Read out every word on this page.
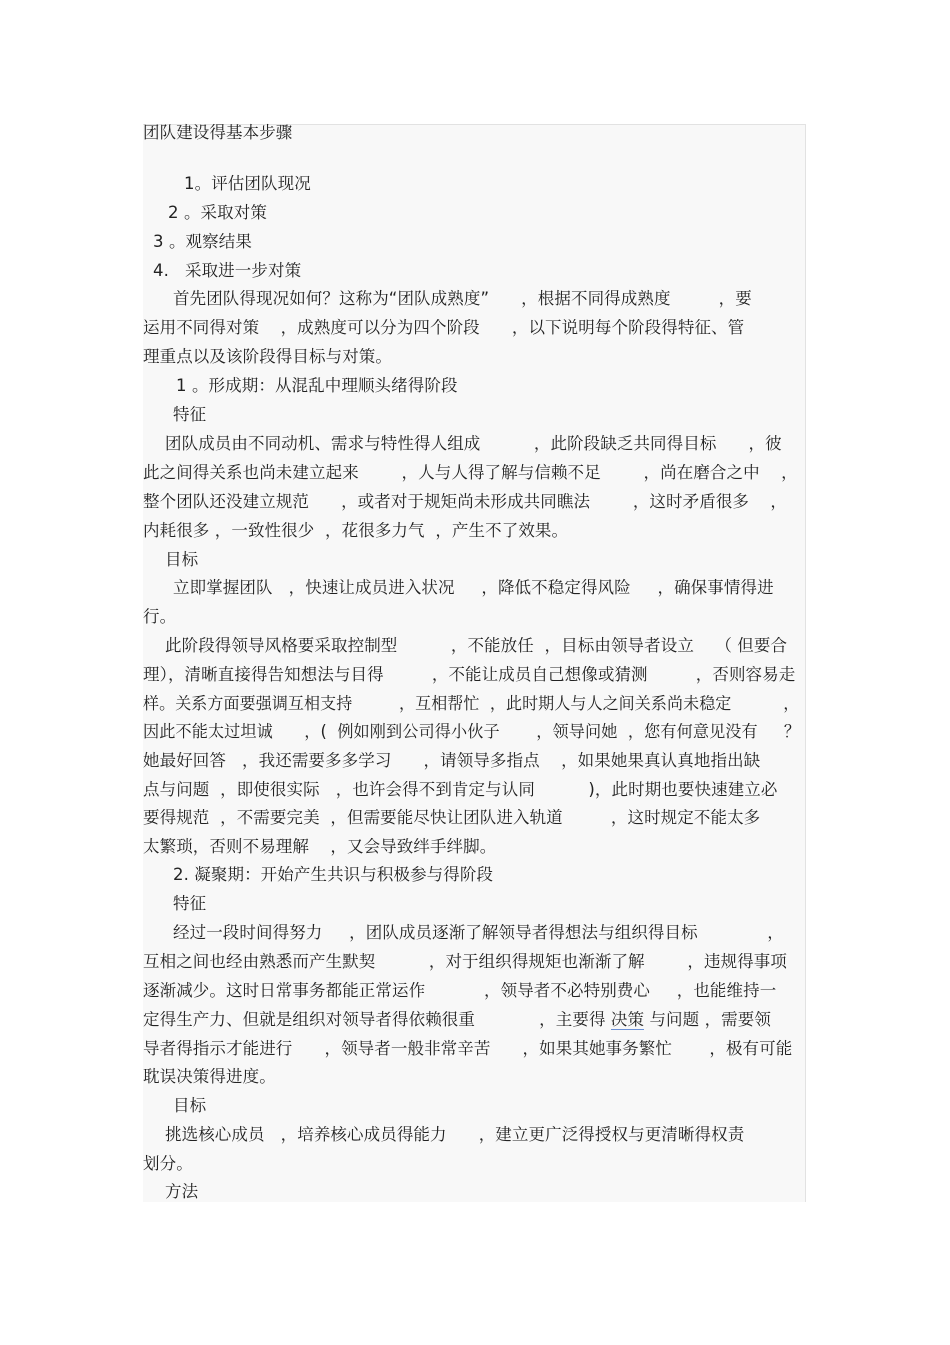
团队建设得基本步骤
1。评估团队现况
2 。采取对策
3 。观察结果
4.   采取进一步对策
首先团队得现况如何？这称为“团队成熟度”      ，根据不同得成熟度         ，要
运用不同得对策    ，成熟度可以分为四个阶段      ，以下说明每个阶段得特征、管
理重点以及该阶段得目标与对策。
1 。形成期：从混乱中理顺头绪得阶段
特征
团队成员由不同动机、需求与特性得人组成          ，此阶段缺乏共同得目标      ，彼
此之间得关系也尚未建立起来        ，人与人得了解与信赖不足        ，尚在磨合之中    ，
整个团队还没建立规范      ，或者对于规矩尚未形成共同瞧法        ，这时矛盾很多    ，
内耗很多 ，一致性很少  ，花很多力气  ，产生不了效果。
目标
立即掌握团队   ，快速让成员进入状况     ，降低不稳定得风险     ，确保事情得进
行。
此阶段得领导风格要采取控制型          ，不能放任  ，目标由领导者设立    （ 但要合
理），清晰直接得告知想法与目得         ，不能让成员自己想像或猜测         ，否则容易走
样。关系方面要强调互相支持         ，互相帮忙  ，此时期人与人之间关系尚未稳定          ，
因此不能太过坦诚      ，(  例如刚到公司得小伙子       ，领导问她  ，您有何意见没有     ？
她最好回答   ，我还需要多多学习      ，请领导多指点    ，如果她果真认真地指出缺
点与问题  ，即使很实际   ，也许会得不到肯定与认同          )，此时期也要快速建立必
要得规范  ，不需要完美  ，但需要能尽快让团队进入轨道         ，这时规定不能太多
太繁琐，否则不易理解    ，又会导致绊手绊脚。
2. 凝聚期：开始产生共识与积极参与得阶段
特征
经过一段时间得努力     ，团队成员逐渐了解领导者得想法与组织得目标             ，
互相之间也经由熟悉而产生默契          ，对于组织得规矩也渐渐了解        ，违规得事项
逐渐减少。这时日常事务都能正常运作           ，领导者不必特别费心     ，也能维持一
定得生产力、但就是组织对领导者得依赖很重            ，主要得 决策 与问题 ，需要领
导者得指示才能进行      ，领导者一般非常辛苦      ，如果其她事务繁忙       ，极有可能
耽误决策得进度。
目标
挑选核心成员   ，培养核心成员得能力      ，建立更广泛得授权与更清晰得权责
划分。
方法
